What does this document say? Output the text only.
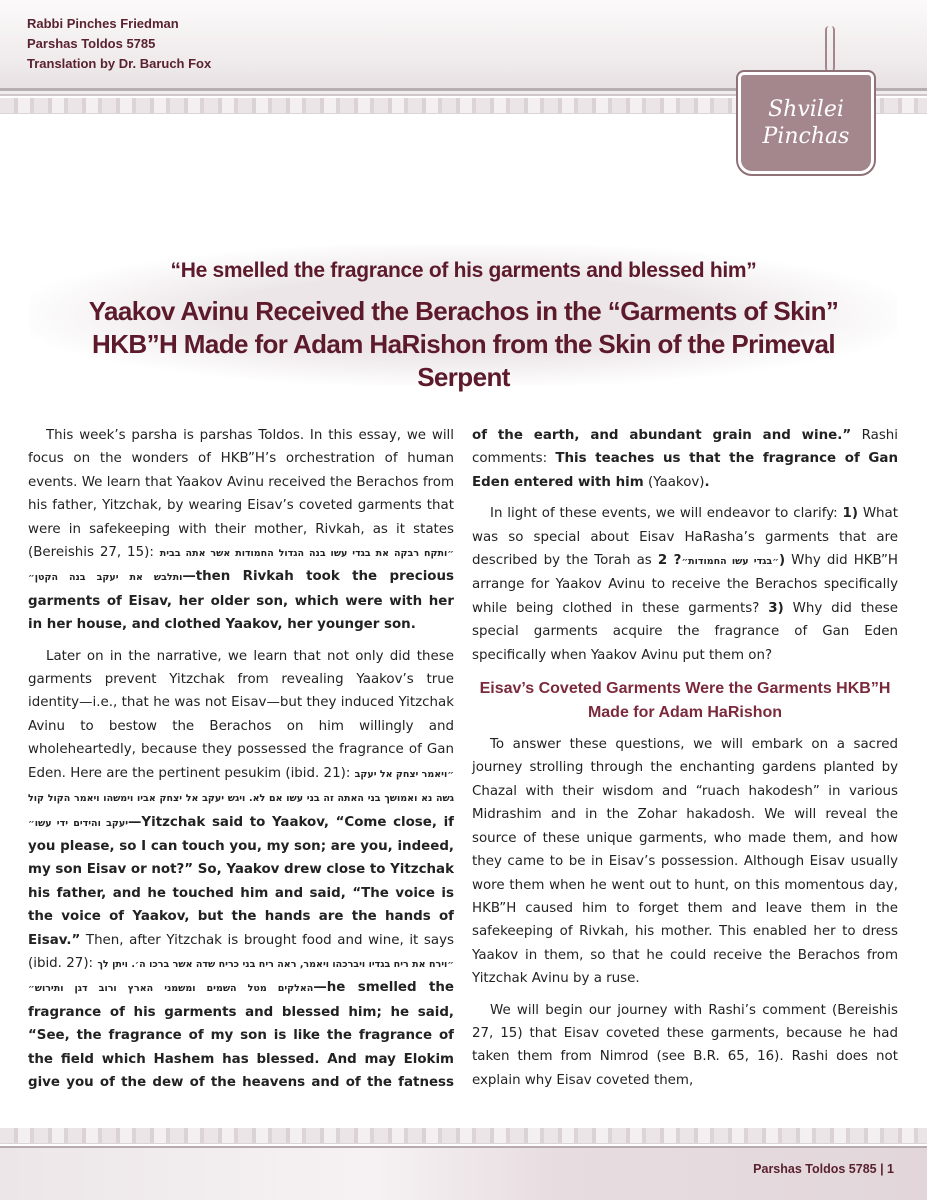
Rabbi Pinches Friedman
Parshas Toldos 5785
Translation by Dr. Baruch Fox
Shvilei
Pinchas
“He smelled the fragrance of his garments and blessed him”
Yaakov Avinu Received the Berachos in the “Garments of Skin” HKB”H Made for Adam HaRishon from the Skin of the Primeval Serpent

This week’s parsha is parshas Toldos. In this essay, we will focus on the wonders of HKB”H’s orchestration of human events. We learn that Yaakov Avinu received the Berachos from his father, Yitzchak, by wearing Eisav’s coveted garments that were in safekeeping with their mother, Rivkah, as it states (Bereishis 27, 15): ״ותקח רבקה את בגדי עשו בנה הגדול החמודות אשר אתה בבית ותלבש את יעקב בנה הקטן״—then Rivkah took the precious garments of Eisav, her older son, which were with her in her house, and clothed Yaakov, her younger son.

Later on in the narrative, we learn that not only did these garments prevent Yitzchak from revealing Yaakov’s true identity—i.e., that he was not Eisav—but they induced Yitzchak Avinu to bestow the Berachos on him willingly and wholeheartedly, because they possessed the fragrance of Gan Eden. Here are the pertinent pesukim (ibid. 21): ״ויאמר יצחק אל יעקב גשה נא ואמושך בני האתה זה בני עשו אם לא. ויגש יעקב אל יצחק אביו וימשהו ויאמר הקול קול יעקב והידים ידי עשו״—Yitzchak said to Yaakov, “Come close, if you please, so I can touch you, my son; are you, indeed, my son Eisav or not?” So, Yaakov drew close to Yitzchak his father, and he touched him and said, “The voice is the voice of Yaakov, but the hands are the hands of Eisav.” Then, after Yitzchak is brought food and wine, it says (ibid. 27): ״וירח את ריח בגדיו ויברכהו ויאמר, ראה ריח בני כריח שדה אשר ברכו ה׳. ויתן לך האלקים מטל השמים ומשמני הארץ ורוב דגן ותירוש״—he smelled the fragrance of his garments and blessed him; he said, “See, the fragrance of my son is like the fragrance of the field which Hashem has blessed. And may Elokim give you of the dew of the heavens and of the fatness of the earth, and abundant grain and wine.” Rashi comments: This teaches us that the fragrance of Gan Eden entered with him (Yaakov).

In light of these events, we will endeavor to clarify: 1) What was so special about Eisav HaRasha’s garments that are described by the Torah as ״בגדי עשו החמודות״? 2) Why did HKB”H arrange for Yaakov Avinu to receive the Berachos specifically while being clothed in these garments? 3) Why did these special garments acquire the fragrance of Gan Eden specifically when Yaakov Avinu put them on?

Eisav’s Coveted Garments Were the Garments HKB”H Made for Adam HaRishon

To answer these questions, we will embark on a sacred journey strolling through the enchanting gardens planted by Chazal with their wisdom and “ruach hakodesh” in various Midrashim and in the Zohar hakadosh. We will reveal the source of these unique garments, who made them, and how they came to be in Eisav’s possession. Although Eisav usually wore them when he went out to hunt, on this momentous day, HKB”H caused him to forget them and leave them in the safekeeping of Rivkah, his mother. This enabled her to dress Yaakov in them, so that he could receive the Berachos from Yitzchak Avinu by a ruse.

We will begin our journey with Rashi’s comment (Bereishis 27, 15) that Eisav coveted these garments, because he had taken them from Nimrod (see B.R. 65, 16). Rashi does not explain why Eisav coveted them,

Parshas Toldos 5785 | 1
